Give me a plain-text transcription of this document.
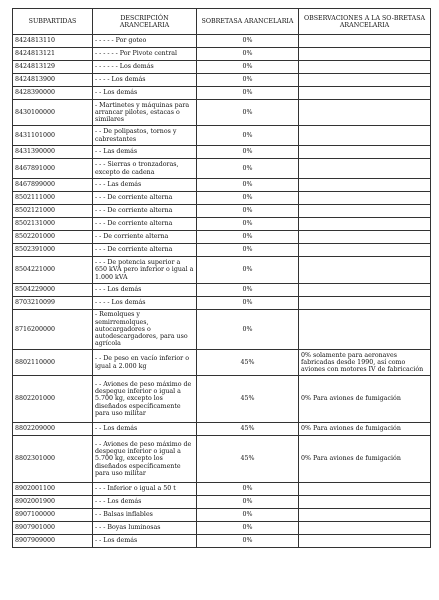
SUBPARTIDAS	DESCRIPCIÓN ARANCELARIA	SOBRETASA ARANCELARIA	OBSERVACIONES A LA SO-BRETASA ARANCELARIA
8424813110	- - - - - Por goteo	0%	
8424813121	- - - - - - Por Pivote central	0%	
8424813129	- - - - - - Los demás	0%	
8424813900	- - - - Los demás	0%	
8428390000	- - Los demás	0%	
8430100000	- Martinetes y máquinas para arrancar pilotes, estacas o similares	0%	
8431101000	- - De polipastos, tornos y cabrestantes	0%	
8431390000	- - Las demás	0%	
8467891000	- - - Sierras o tronzadoras, excepto de cadena	0%	
8467899000	- - - Las demás	0%	
8502111000	- - - De corriente alterna	0%	
8502121000	- - - De corriente alterna	0%	
8502131000	- - - De corriente alterna	0%	
8502201000	- - De corriente alterna	0%	
8502391000	- - - De corriente alterna	0%	
8504221000	- - - De potencia superior a 650 kVA pero inferior o igual a 1.000 kVA	0%	
8504229000	- - - Los demás	0%	
8703210099	- - - - Los demás	0%	
8716200000	- Remolques y semirremolques, autocargadores o autodescargadores, para uso agrícola	0%	
8802110000	- - De peso en vacío inferior o igual a 2.000 kg	45%	0% solamente para aeronaves fabricadas desde 1990, así como aviones con motores IV de fabricación
8802201000	- - Aviones de peso máximo de despegue inferior o igual a 5.700 kg, excepto los diseñados específicamente para uso militar	45%	0% Para aviones de fumigación
8802209000	- - Los demás	45%	0% Para aviones de fumigación
8802301000	- - Aviones de peso máximo de despegue inferior o igual a 5.700 kg, excepto los diseñados específicamente para uso militar	45%	0% Para aviones de fumigación
8902001100	- - - Inferior o igual a 50 t	0%	
8902001900	- - - Los demás	0%	
8907100000	- - Balsas inflables	0%	
8907901000	- - - Boyas luminosas	0%	
8907909000	- - Los demás	0%	
